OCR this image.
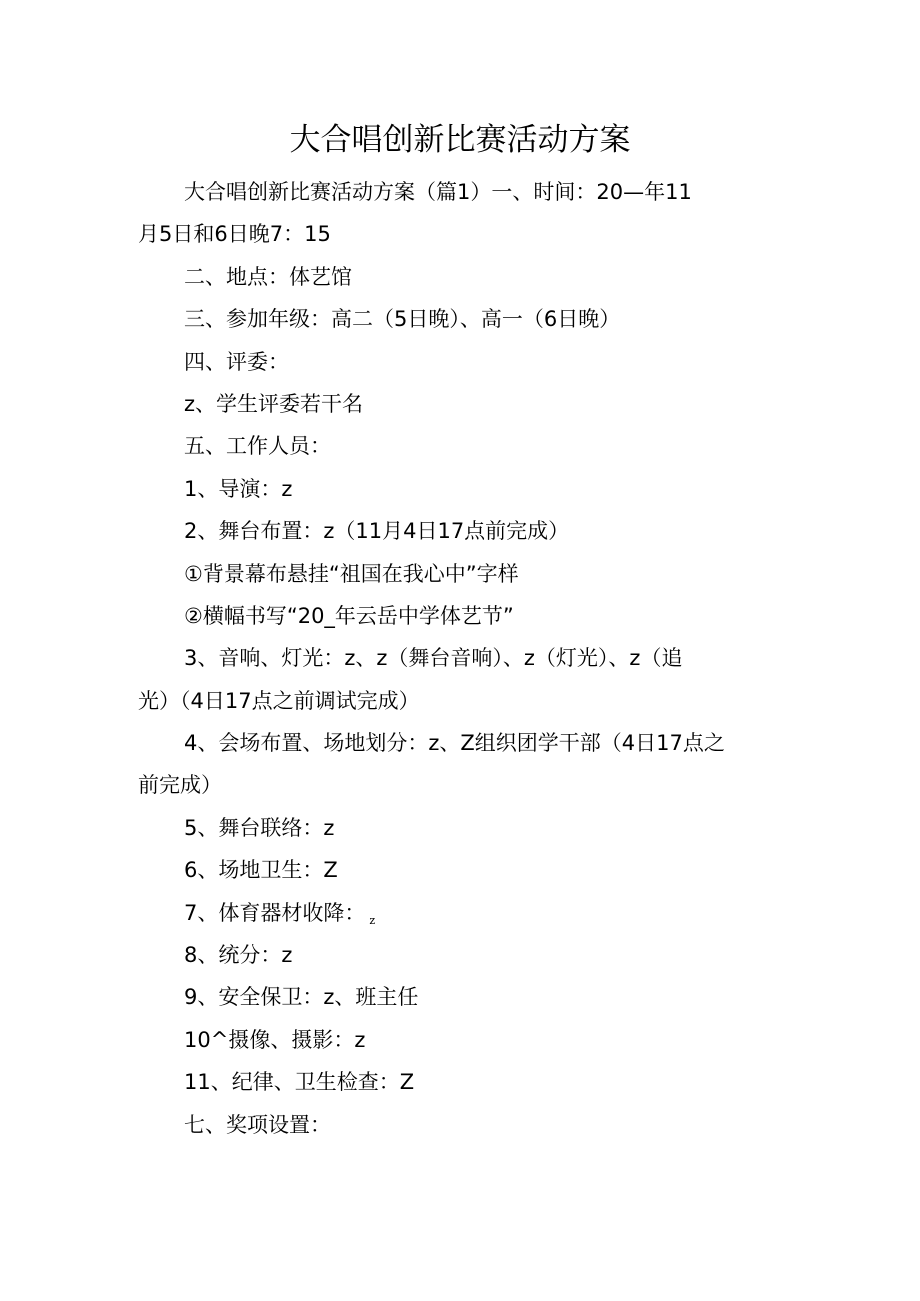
大合唱创新比赛活动方案
大合唱创新比赛活动方案（篇1）一、时间：20—年11
月5日和6日晚7：15
二、地点：体艺馆
三、参加年级：高二（5日晚）、高一（6日晚）
四、评委：
z、学生评委若干名
五、工作人员：
1、导演：z
2、舞台布置：z（11月4日17点前完成）
①背景幕布悬挂“祖国在我心中”字样
②横幅书写“20_年云岳中学体艺节”
3、音响、灯光：z、z（舞台音响）、z（灯光）、z（追
光）（4日17点之前调试完成）
4、会场布置、场地划分：z、Z组织团学干部（4日17点之
前完成）
5、舞台联络：z
6、场地卫生：Z
7、体育器材收降： z
8、统分：z
9、安全保卫：z、班主任
10^摄像、摄影：z
11、纪律、卫生检查：Z
七、奖项设置：
